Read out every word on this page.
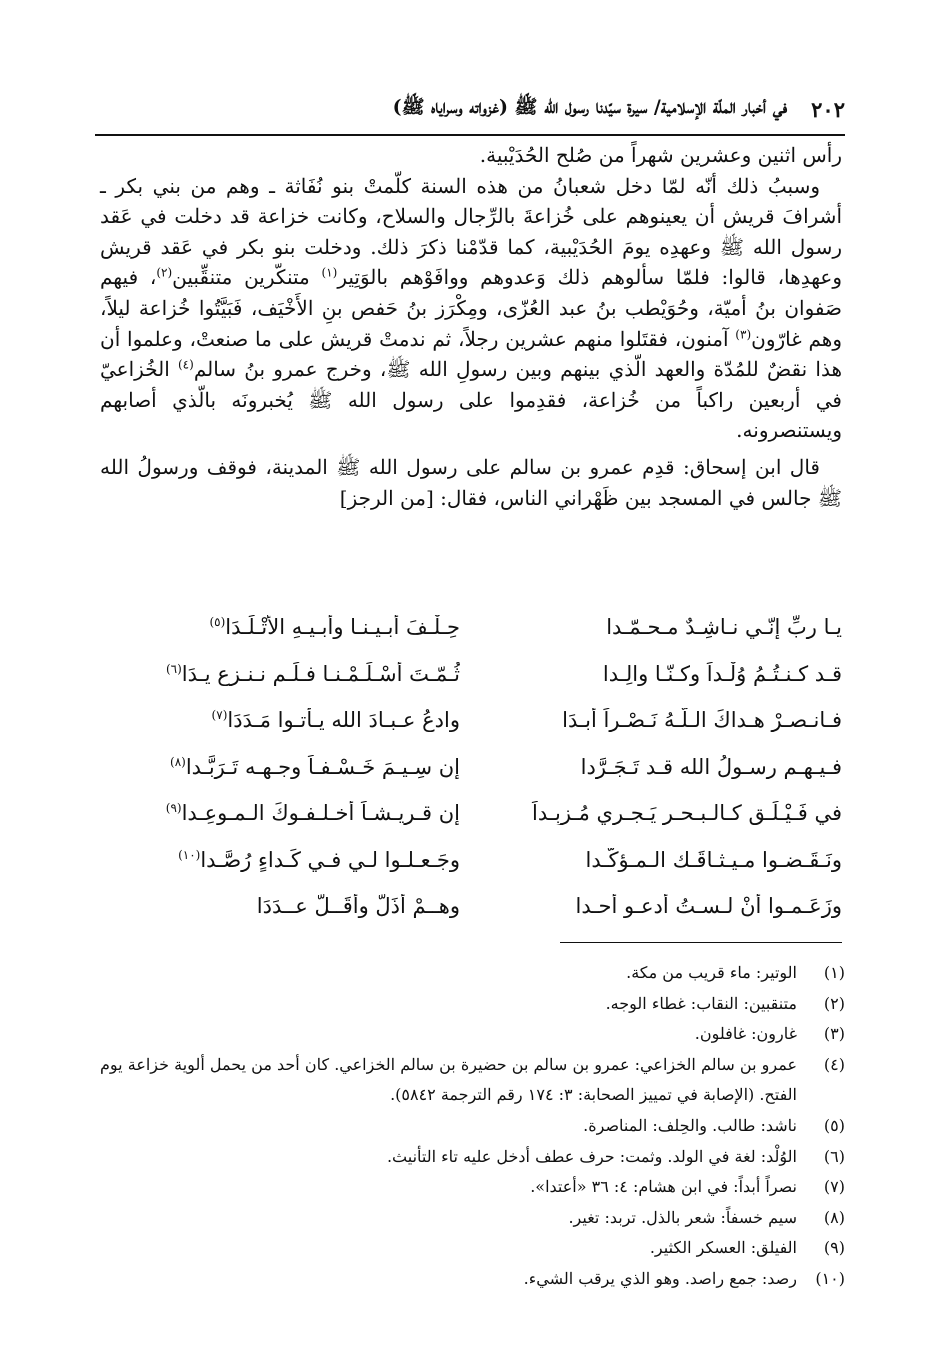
٢٠٢
في أخبار الملّة الإسلامية/ سيرة سيّدنا رسول الله ﷺ (غزواته وسراياه ﷺ)

رأس اثنين وعشرين شهراً من صُلح الحُدَيْبية.

وسببُ ذلك أنّه لمّا دخل شعبانُ من هذه السنة كلّمتْ بنو نُفَاثة ـ وهم من بني بكر ـ أشرافَ قريش أن يعينوهم على خُزاعةَ بالرِّجال والسلاح، وكانت خزاعة قد دخلت في عَقد رسول الله ﷺ وعهدِه يومَ الحُدَيْبية، كما قدّمْنا ذكرَ ذلك. ودخلت بنو بكر في عَقد قريش وعهدِها، قالوا: فلمّا سألوهم ذلك وَعدوهم ووافَوْهم بالوَتِير$^{(١)}$ متنكّرين متنقِّبين$^{(٢)}$، فيهم صَفوان بنُ أميّة، وحُوَيْطب بنُ عبد العُزّى، ومِكْرَز بنُ حَفص بنِ الأَخْيَف، فَبَيَّتُوا خُزاعة ليلاً، وهم غارّون$^{(٣)}$ آمنون، فقتَلوا منهم عشرين رجلاً، ثم ندمتْ قريش على ما صنعتْ، وعلموا أن هذا نقضٌ للمُدّة والعهد الّذي بينهم وبين رسولِ الله ﷺ، وخرج عمرو بنُ سالم$^{(٤)}$ الخُزاعيّ في أربعين راكباً من خُزاعة، فقدِموا على رسول الله ﷺ يُخبرونَه بالّذي أصابهم ويستنصرونه.

قال ابن إسحاق: قدِم عمرو بن سالم على رسول الله ﷺ المدينة، فوقف ورسولُ الله ﷺ جالس في المسجد بين ظَهْراني الناس، فقال: [من الرجز]

يـا ربِّ إنّـي نـاشِـدٌ مـحـمّـدا
حِـلْـفَ أبـيـنـا وأبـيـهِ الأَتْـلَـدَا$^{(٥)}$
قـد كـنـتُـمُ وُلْـداً وكـنّـا والِـدا
ثُـمّـتَ أسْـلَـمْـنـا فـلَـم نـنـزِع يـدَا$^{(٦)}$
فـانـصـرْ هـداكَ الـلّـهُ نَـصْـراً أبـدَا
وادعُ عـبـادَ الله يـأتـوا مَـدَدَا$^{(٧)}$
فـيـهـم رسـولُ الله قـد تَـجَـرَّدا
إن سِـيـمَ خَـسْـفـاً وجـهـه تَـرَبَّـدا$^{(٨)}$
في فَـيْـلَـقٍ كـالـبـحـر يَـجـري مُـزبِـداً
إن قـريـشـاً أخـلـفـوكَ الـمـوعِـدا$^{(٩)}$
ونَـقَـضـوا مـيـثـاقَـك الـمـؤكَّـدا
وجَـعـلـوا لـي فـي كَـداءٍ رُصَّـدا$^{(١٠)}$
وزَعَـمـوا أنْ لـسـتُ أدعـو أحـدا
وهــمْ أذَلُّ وأقَــلُّ عــدَدَا
(١)
الوتير: ماء قريب من مكة.
(٢)
متنقبين: النقاب: غطاء الوجه.
(٣)
غارون: غافلون.
(٤)
عمرو بن سالم الخزاعي: عمرو بن سالم بن حضيرة بن سالم الخزاعي. كان أحد من يحمل ألوية خزاعة يوم الفتح. (الإصابة في تمييز الصحابة: ٣: ١٧٤ رقم الترجمة ٥٨٤٢).
(٥)
ناشد: طالب. والحِلف: المناصرة.
(٦)
الوُلْد: لغة في الولد. وثمت: حرف عطف أدخل عليه تاء التأنيث.
(٧)
نصراً أبداً: في ابن هشام: ٤: ٣٦ «أعتدا».
(٨)
سيم خسفاً: شعر بالذل. تربد: تغير.
(٩)
الفيلق: العسكر الكثير.
(١٠)
رصد: جمع راصد. وهو الذي يرقب الشيء.
